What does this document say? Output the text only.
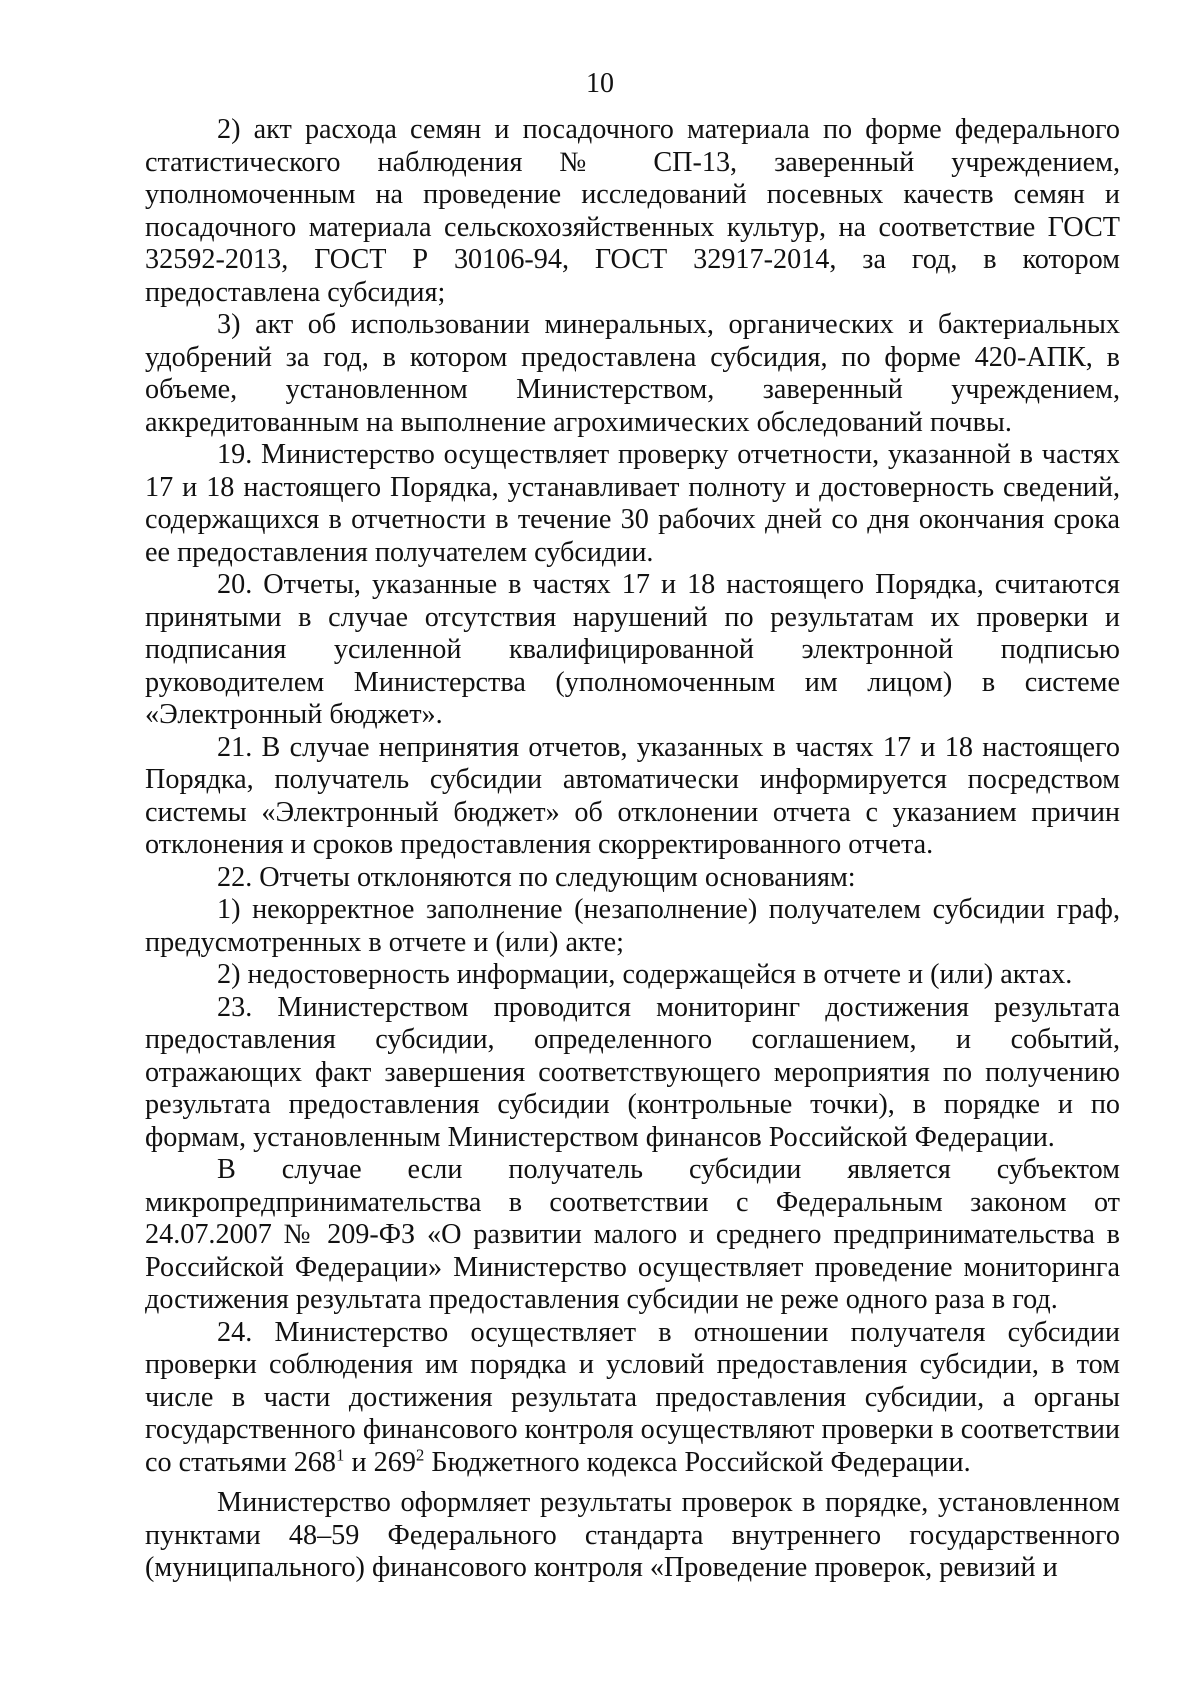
10

2) акт расхода семян и посадочного материала по форме федерального статистического наблюдения № СП-13, заверенный учреждением, уполномоченным на проведение исследований посевных качеств семян и посадочного материала сельскохозяйственных культур, на соответствие ГОСТ 32592-2013, ГОСТ Р 30106-94, ГОСТ 32917-2014, за год, в котором предоставлена субсидия;

3) акт об использовании минеральных, органических и бактериальных удобрений за год, в котором предоставлена субсидия, по форме 420-АПК, в объеме, установленном Министерством, заверенный учреждением, аккредитованным на выполнение агрохимических обследований почвы.

19. Министерство осуществляет проверку отчетности, указанной в частях 17 и 18 настоящего Порядка, устанавливает полноту и достоверность сведений, содержащихся в отчетности в течение 30 рабочих дней со дня окончания срока ее предоставления получателем субсидии.

20. Отчеты, указанные в частях 17 и 18 настоящего Порядка, считаются принятыми в случае отсутствия нарушений по результатам их проверки и подписания усиленной квалифицированной электронной подписью руководителем Министерства (уполномоченным им лицом) в системе «Электронный бюджет».

21. В случае непринятия отчетов, указанных в частях 17 и 18 настоящего Порядка, получатель субсидии автоматически информируется посредством системы «Электронный бюджет» об отклонении отчета с указанием причин отклонения и сроков предоставления скорректированного отчета.

22. Отчеты отклоняются по следующим основаниям:

1) некорректное заполнение (незаполнение) получателем субсидии граф, предусмотренных в отчете и (или) акте;

2) недостоверность информации, содержащейся в отчете и (или) актах.

23. Министерством проводится мониторинг достижения результата предоставления субсидии, определенного соглашением, и событий, отражающих факт завершения соответствующего мероприятия по получению результата предоставления субсидии (контрольные точки), в порядке и по формам, установленным Министерством финансов Российской Федерации.

В случае если получатель субсидии является субъектом микропредпринимательства в соответствии с Федеральным законом от 24.07.2007 № 209-ФЗ «О развитии малого и среднего предпринимательства в Российской Федерации» Министерство осуществляет проведение мониторинга достижения результата предоставления субсидии не реже одного раза в год.

24. Министерство осуществляет в отношении получателя субсидии проверки соблюдения им порядка и условий предоставления субсидии, в том числе в части достижения результата предоставления субсидии, а органы государственного финансового контроля осуществляют проверки в соответствии со статьями $268^1$ и $269^2$ Бюджетного кодекса Российской Федерации.

Министерство оформляет результаты проверок в порядке, установленном пунктами 48–59 Федерального стандарта внутреннего государственного (муниципального) финансового контроля «Проведение проверок, ревизий и
